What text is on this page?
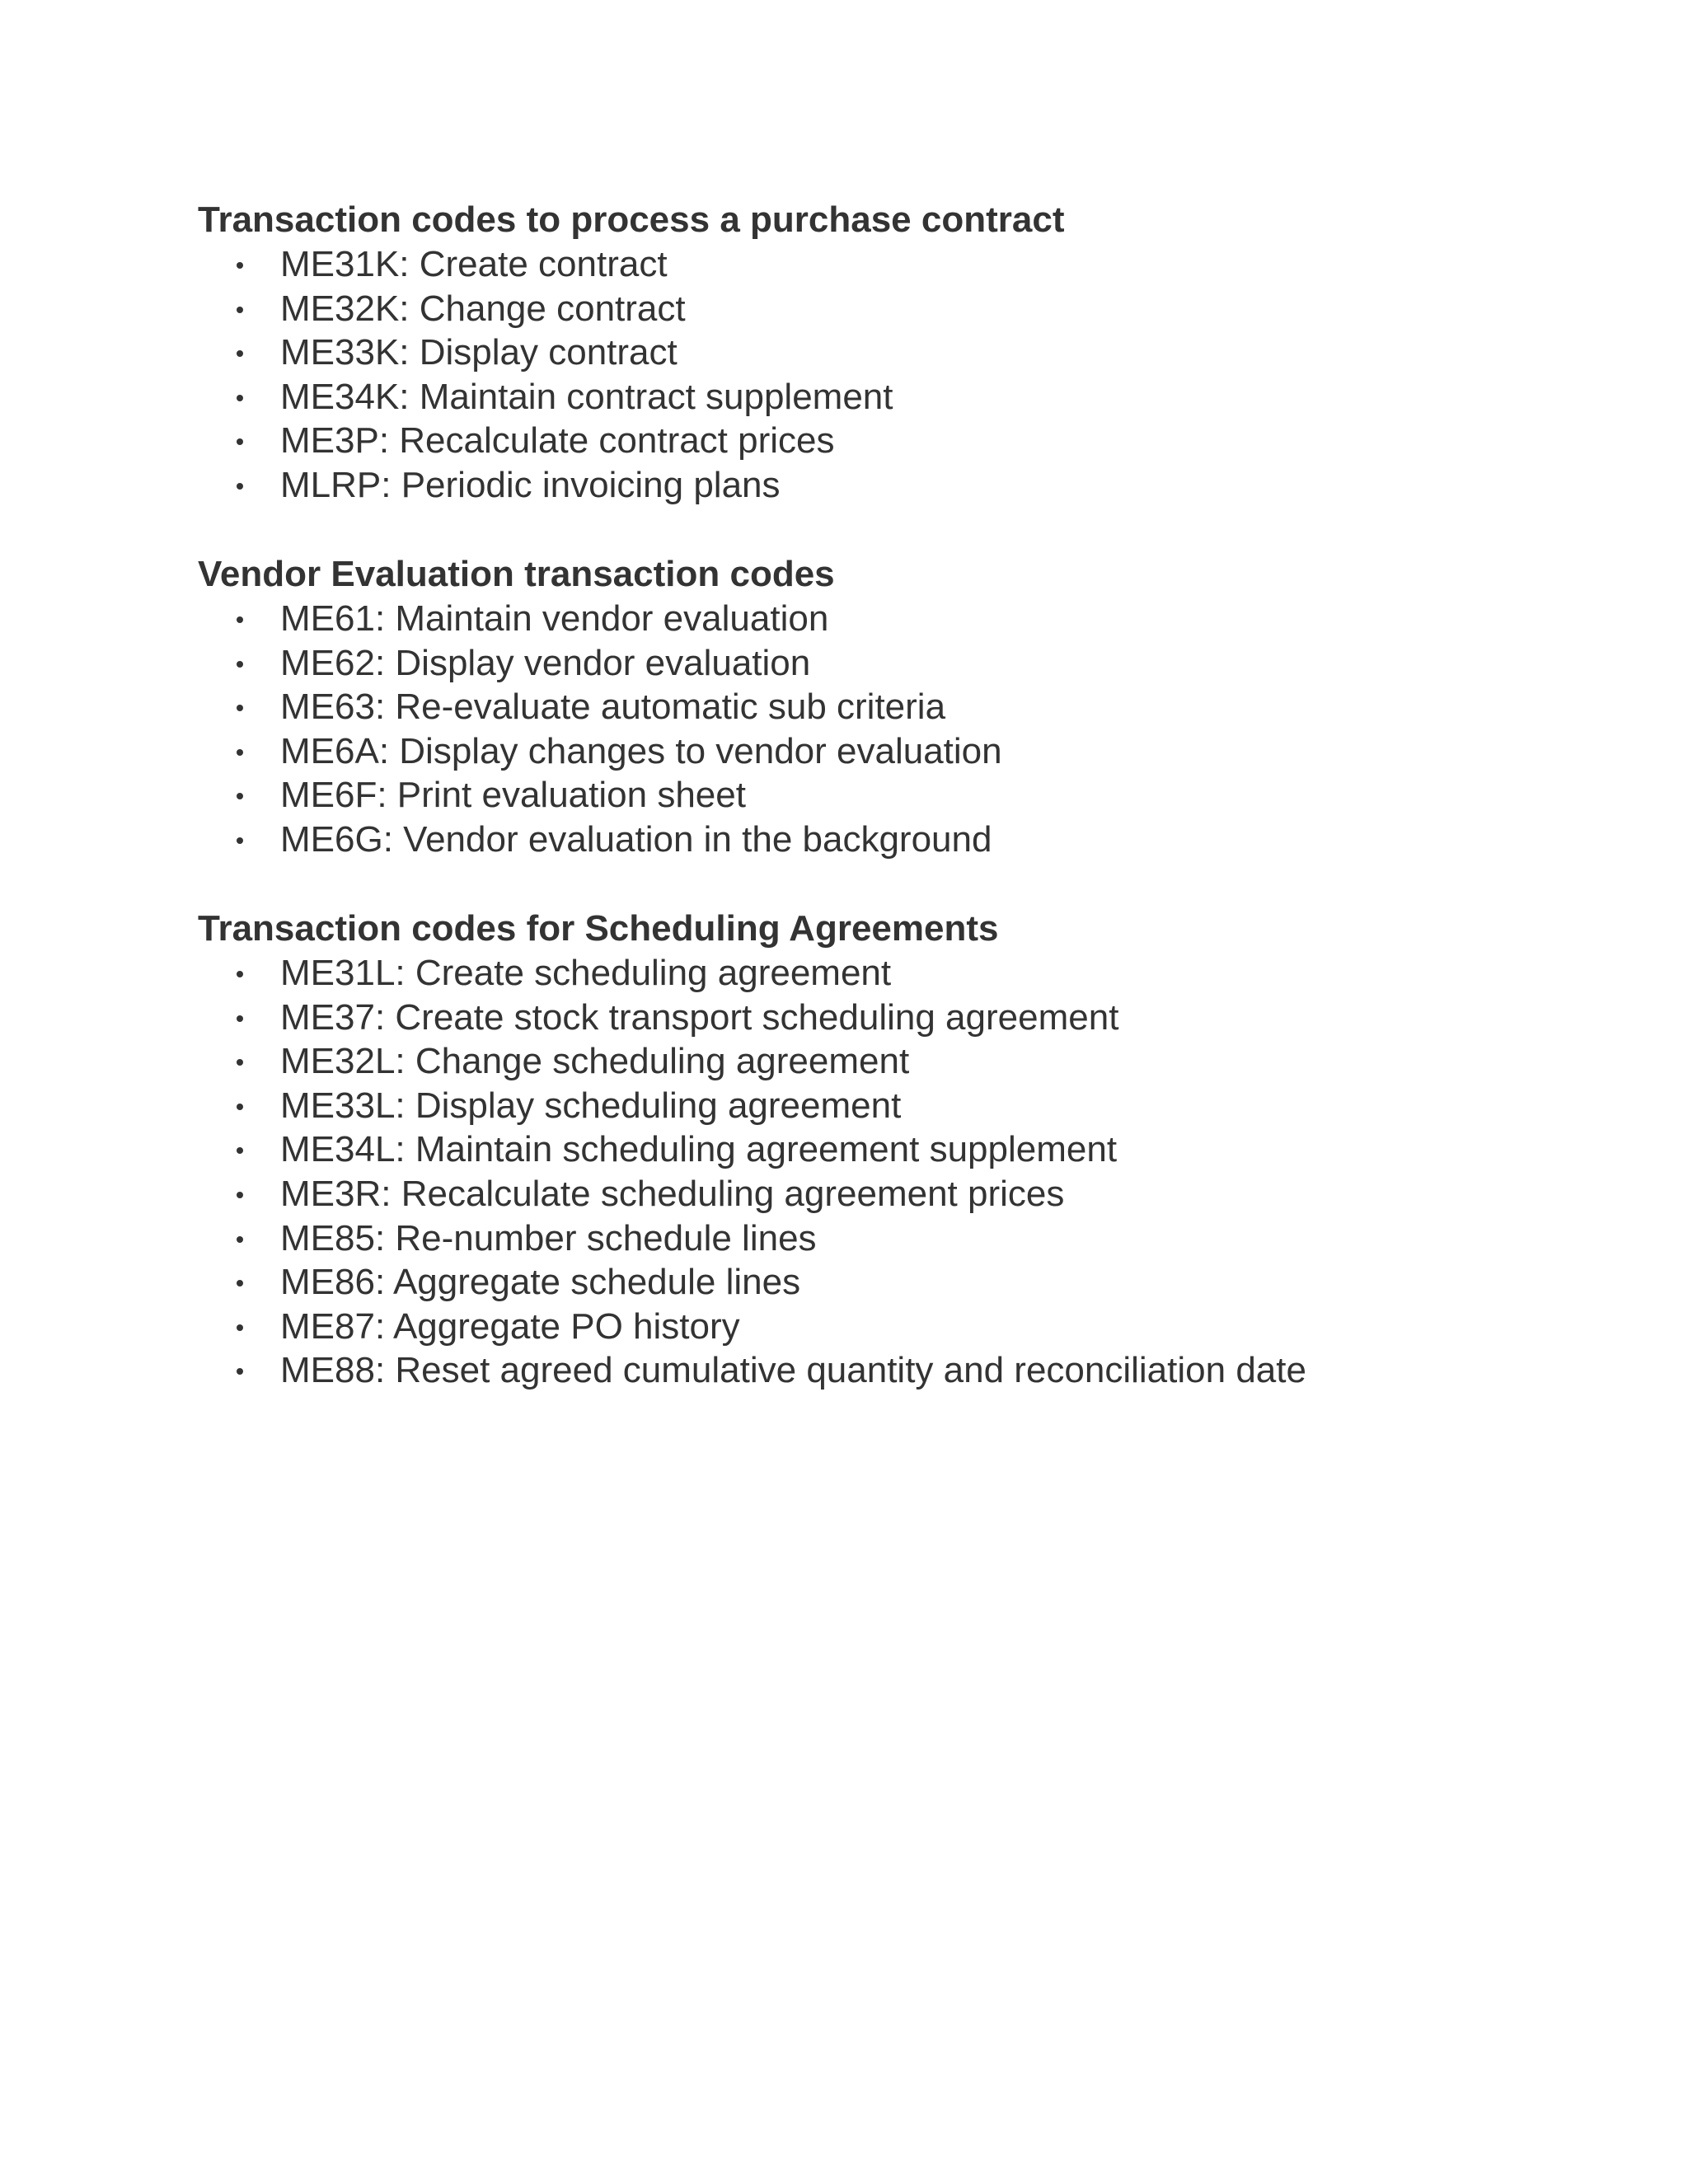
Transaction codes to process a purchase contract
ME31K: Create contract
ME32K: Change contract
ME33K: Display contract
ME34K: Maintain contract supplement
ME3P: Recalculate contract prices
MLRP: Periodic invoicing plans
Vendor Evaluation transaction codes
ME61: Maintain vendor evaluation
ME62: Display vendor evaluation
ME63: Re-evaluate automatic sub criteria
ME6A: Display changes to vendor evaluation
ME6F: Print evaluation sheet
ME6G: Vendor evaluation in the background
Transaction codes for Scheduling Agreements
ME31L: Create scheduling agreement
ME37: Create stock transport scheduling agreement
ME32L: Change scheduling agreement
ME33L: Display scheduling agreement
ME34L: Maintain scheduling agreement supplement
ME3R: Recalculate scheduling agreement prices
ME85: Re-number schedule lines
ME86: Aggregate schedule lines
ME87: Aggregate PO history
ME88: Reset agreed cumulative quantity and reconciliation date
